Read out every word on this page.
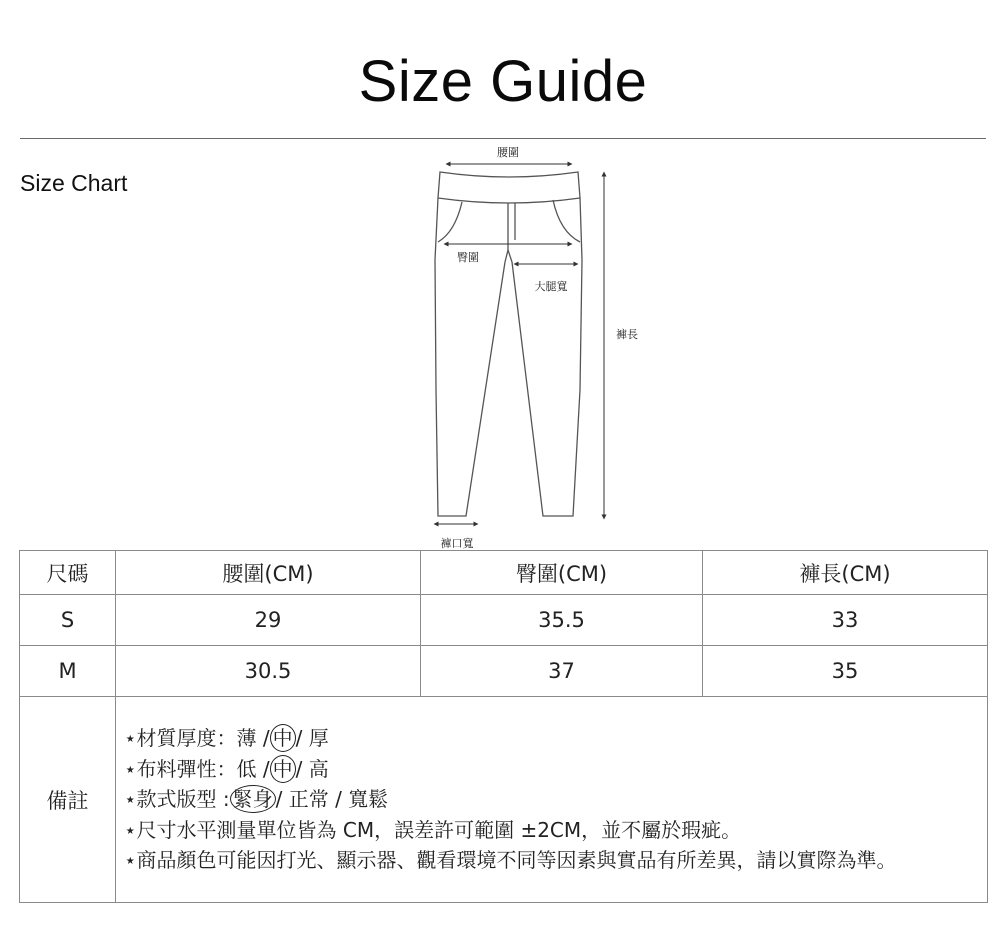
Size Guide
Size Chart
腰圍
臀圍
大腿寬
褲長
褲口寬
尺碼	腰圍(CM)	臀圍(CM)	褲長(CM)
S	29	35.5	33
M	30.5	37	35
備註	⋆材質厚度：薄 / 中 / 厚
⋆布料彈性：低 / 中 / 高
⋆款式版型 : 緊身 / 正常 / 寬鬆
⋆尺寸水平測量單位皆為 CM，誤差許可範圍 ±2CM，並不屬於瑕疵。
⋆商品顏色可能因打光、顯示器、觀看環境不同等因素與實品有所差異，請以實際為準。		
